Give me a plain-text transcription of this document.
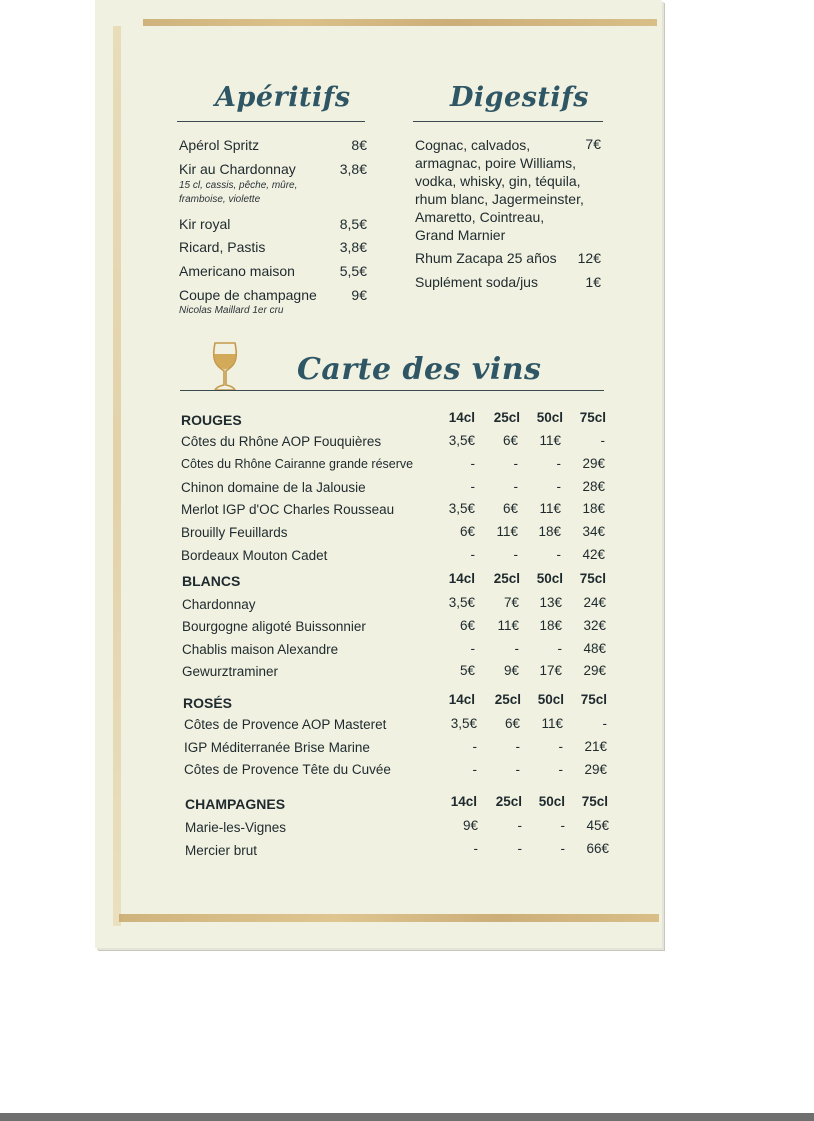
Apéritifs
Apérol Spritz	8€
Kir au Chardonnay	3,8€
15 cl, cassis, pêche, mûre,
framboise, violette
Kir royal	8,5€
Ricard, Pastis	3,8€
Americano maison	5,5€
Coupe de champagne	9€
Nicolas Maillard 1er cru
Digestifs
Cognac, calvados,	7€
armagnac, poire Williams,
vodka, whisky, gin, téquila,
rhum blanc, Jagermeinster,
Amaretto, Cointreau,
Grand Marnier
Rhum Zacapa 25 años	12€
Suplément soda/jus	1€
Carte des vins
ROUGES	14cl	25cl	50cl	75cl
Côtes du Rhône AOP Fouquières	3,5€	6€	11€	-
Côtes du Rhône Cairanne grande réserve	-	-	-	29€
Chinon domaine de la Jalousie	-	-	-	28€
Merlot IGP d'OC Charles Rousseau	3,5€	6€	11€	18€
Brouilly Feuillards	6€	11€	18€	34€
Bordeaux Mouton Cadet	-	-	-	42€
BLANCS	14cl	25cl	50cl	75cl
Chardonnay	3,5€	7€	13€	24€
Bourgogne aligoté Buissonnier	6€	11€	18€	32€
Chablis maison Alexandre	-	-	-	48€
Gewurztraminer	5€	9€	17€	29€
ROSÉS	14cl	25cl	50cl	75cl
Côtes de Provence AOP Masteret	3,5€	6€	11€	-
IGP Méditerranée Brise Marine	-	-	-	21€
Côtes de Provence Tête du Cuvée	-	-	-	29€
CHAMPAGNES	14cl	25cl	50cl	75cl
Marie-les-Vignes	9€	-	-	45€
Mercier brut	-	-	-	66€
